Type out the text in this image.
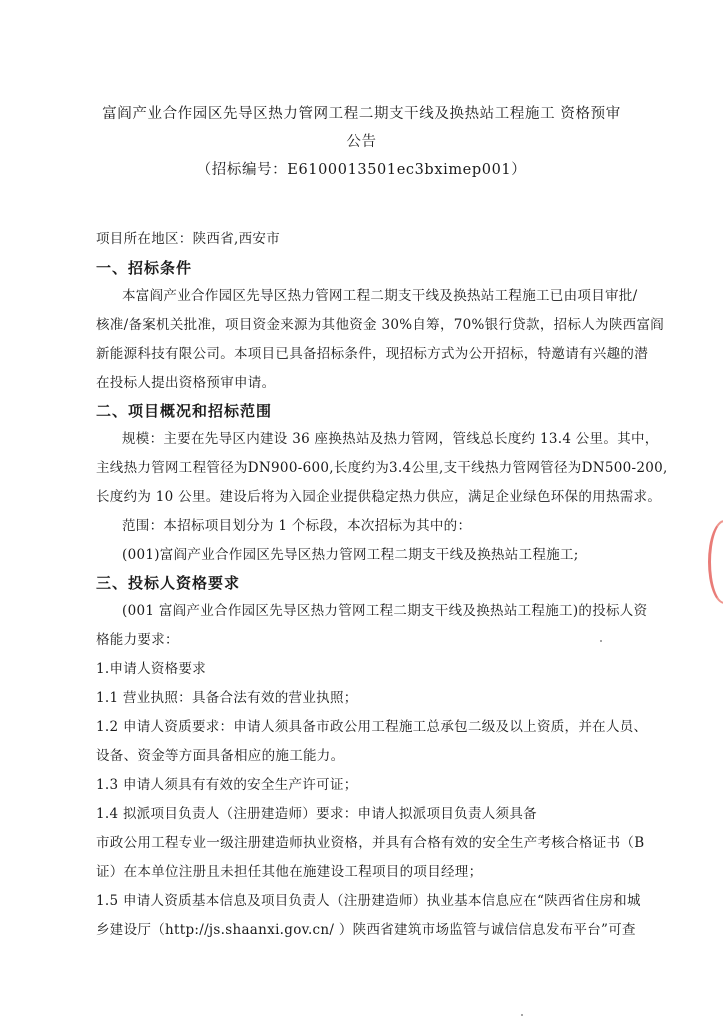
富阎产业合作园区先导区热力管网工程二期支干线及换热站工程施工 资格预审
公告
（招标编号：E6100013501ec3bximep001）
项目所在地区：陕西省,西安市
一、招标条件
本富阎产业合作园区先导区热力管网工程二期支干线及换热站工程施工已由项目审批/
核准/备案机关批准，项目资金来源为其他资金 30%自筹，70%银行贷款，招标人为陕西富阎
新能源科技有限公司。本项目已具备招标条件，现招标方式为公开招标，特邀请有兴趣的潜
在投标人提出资格预审申请。
二、项目概况和招标范围
规模：主要在先导区内建设 36 座换热站及热力管网，管线总长度约 13.4 公里。其中，
主线热力管网工程管径为DN900-600,长度约为3.4公里,支干线热力管网管径为DN500-200,
长度约为 10 公里。建设后将为入园企业提供稳定热力供应，满足企业绿色环保的用热需求。
范围：本招标项目划分为 1 个标段，本次招标为其中的：
(001)富阎产业合作园区先导区热力管网工程二期支干线及换热站工程施工;
三、投标人资格要求
(001 富阎产业合作园区先导区热力管网工程二期支干线及换热站工程施工)的投标人资
格能力要求：
1.申请人资格要求
1.1 营业执照：具备合法有效的营业执照；
1.2 申请人资质要求：申请人须具备市政公用工程施工总承包二级及以上资质，并在人员、
设备、资金等方面具备相应的施工能力。
1.3 申请人须具有有效的安全生产许可证；
1.4 拟派项目负责人（注册建造师）要求：申请人拟派项目负责人须具备
市政公用工程专业一级注册建造师执业资格，并具有合格有效的安全生产考核合格证书（B
证）在本单位注册且未担任其他在施建设工程项目的项目经理；
1.5 申请人资质基本信息及项目负责人（注册建造师）执业基本信息应在“陕西省住房和城
乡建设厅（http://js.shaanxi.gov.cn/ ）陕西省建筑市场监管与诚信信息发布平台”可查
